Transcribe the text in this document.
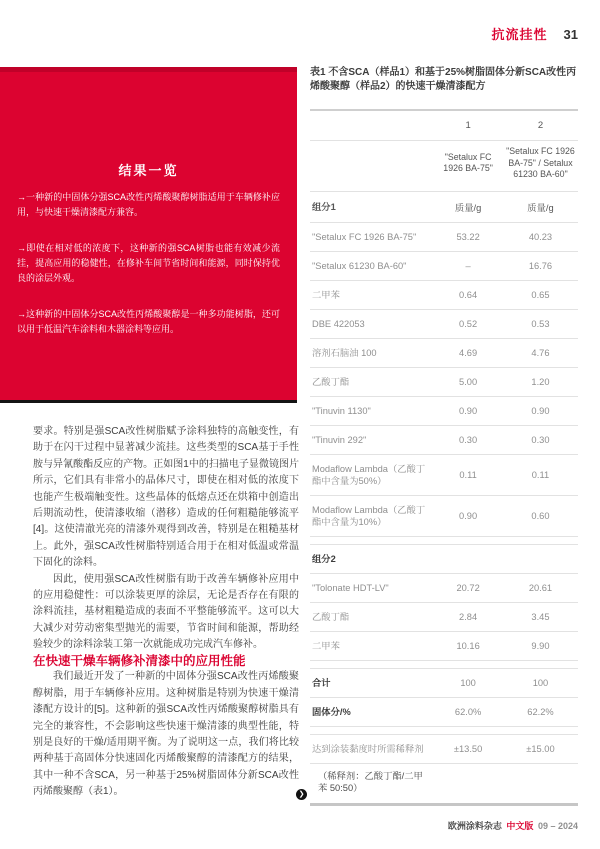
抗流挂性 31

结果一览

→一种新的中固体分强SCA改性丙烯酸聚醇树脂适用于车辆修补应用，与快速干燥清漆配方兼容。

→即使在相对低的浓度下，这种新的强SCA树脂也能有效减少流挂，提高应用的稳健性，在修补车间节省时间和能源，同时保持优良的涂层外观。

→这种新的中固体分SCA改性丙烯酸聚醇是一种多功能树脂，还可以用于低温汽车涂料和木器涂料等应用。

要求。特别是强SCA改性树脂赋予涂料独特的高触变性，有助于在闪干过程中显著减少流挂。这些类型的SCA基于手性胺与异氰酸酯反应的产物。正如图1中的扫描电子显微镜图片所示，它们具有非常小的晶体尺寸，即使在相对低的浓度下也能产生极端触变性。这些晶体的低熔点还在烘箱中创造出后期流动性，使清漆收缩（潜移）造成的任何粗糙能够流平[4]。这使清澈光亮的清漆外观得到改善，特别是在粗糙基材上。此外，强SCA改性树脂特别适合用于在相对低温或常温下固化的涂料。

因此，使用强SCA改性树脂有助于改善车辆修补应用中的应用稳健性：可以涂装更厚的涂层，无论是否存在有限的涂料流挂，基材粗糙造成的表面不平整能够流平。这可以大大减少对劳动密集型抛光的需要，节省时间和能源，帮助经验较少的涂料涂装工第一次就能成功完成汽车修补。

在快速干燥车辆修补清漆中的应用性能

我们最近开发了一种新的中固体分强SCA改性丙烯酸聚醇树脂，用于车辆修补应用。这种树脂是特别为快速干燥清漆配方设计的[5]。这种新的强SCA改性丙烯酸聚醇树脂具有完全的兼容性，不会影响这些快速干燥清漆的典型性能，特别是良好的干燥/适用期平衡。为了说明这一点，我们将比较两种基于高固体分快速固化丙烯酸聚醇的清漆配方的结果，其中一种不含SCA，另一种基于25%树脂固体分新SCA改性丙烯酸聚醇（表1）。

表1 不含SCA（样品1）和基于25%树脂固体分新SCA改性丙烯酸聚醇（样品2）的快速干燥清漆配方

	1	2
	"Setalux FC 1926 BA-75"	"Setalux FC 1926 BA-75" / Setalux 61230 BA-60"
组分1	质量/g	质量/g
"Setalux FC 1926 BA-75"	53.22	40.23
"Setalux 61230 BA-60"	–	16.76
二甲苯	0.64	0.65
DBE 422053	0.52	0.53
溶剂石脑油 100	4.69	4.76
乙酸丁酯	5.00	1.20
"Tinuvin 1130"	0.90	0.90
"Tinuvin 292"	0.30	0.30
Modaflow Lambda（乙酸丁酯中含量为50%）	0.11	0.11
Modaflow Lambda（乙酸丁酯中含量为10%）	0.90	0.60

组分2		
"Tolonate HDT-LV"	20.72	20.61
乙酸丁酯	2.84	3.45
二甲苯	10.16	9.90

合计	100	100
固体分/%	62.0%	62.2%

达到涂装黏度时所需稀释剂	±13.50	±15.00
（稀释剂：乙酸丁酯/二甲苯 50:50）		
❯
欧洲涂料杂志 中文版 09 – 2024
